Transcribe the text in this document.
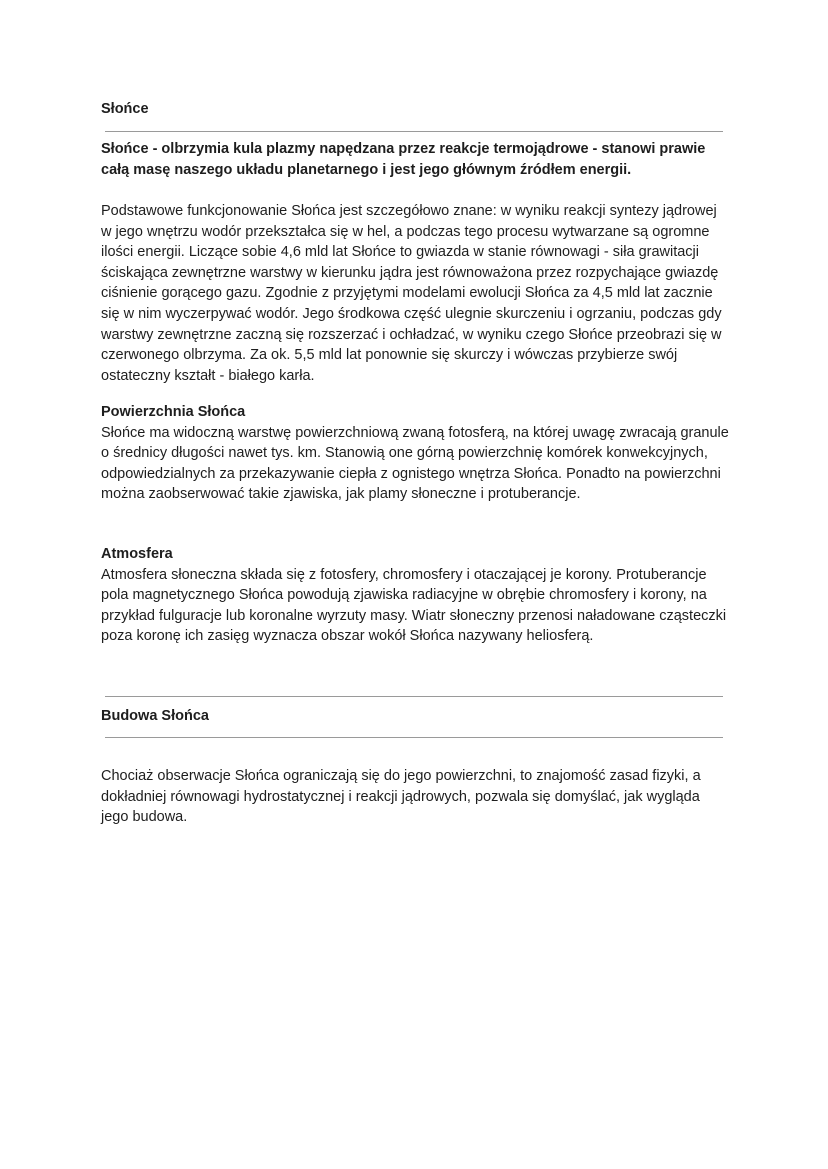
Słońce

Słońce - olbrzymia kula plazmy napędzana przez reakcje termojądrowe - stanowi prawie całą masę naszego układu planetarnego i jest jego głównym źródłem energii.

Podstawowe funkcjonowanie Słońca jest szczegółowo znane: w wyniku reakcji syntezy jądrowej w jego wnętrzu wodór przekształca się w hel, a podczas tego procesu wytwarzane są ogromne ilości energii. Liczące sobie 4,6 mld lat Słońce to gwiazda w stanie równowagi - siła grawitacji ściskająca zewnętrzne warstwy w kierunku jądra jest równoważona przez rozpychające gwiazdę ciśnienie gorącego gazu. Zgodnie z przyjętymi modelami ewolucji Słońca za 4,5 mld lat zacznie się w nim wyczerpywać wodór. Jego środkowa część ulegnie skurczeniu i ogrzaniu, podczas gdy warstwy zewnętrzne zaczną się rozszerzać i ochładzać, w wyniku czego Słońce przeobrazi się w czerwonego olbrzyma. Za ok. 5,5 mld lat ponownie się skurczy i wówczas przybierze swój ostateczny kształt - białego karła.

Powierzchnia Słońca

Słońce ma widoczną warstwę powierzchniową zwaną fotosferą, na której uwagę zwracają granule o średnicy długości nawet tys. km. Stanowią one górną powierzchnię komórek konwekcyjnych, odpowiedzialnych za przekazywanie ciepła z ognistego wnętrza Słońca. Ponadto na powierzchni można zaobserwować takie zjawiska, jak plamy słoneczne i protuberancje.

Atmosfera

Atmosfera słoneczna składa się z fotosfery, chromosfery i otaczającej je korony. Protuberancje pola magnetycznego Słońca powodują zjawiska radiacyjne w obrębie chromosfery i korony, na przykład fulguracje lub koronalne wyrzuty masy. Wiatr słoneczny przenosi naładowane cząsteczki poza koronę ich zasięg wyznacza obszar wokół Słońca nazywany heliosferą.

Budowa Słońca

Chociaż obserwacje Słońca ograniczają się do jego powierzchni, to znajomość zasad fizyki, a dokładniej równowagi hydrostatycznej i reakcji jądrowych, pozwala się domyślać, jak wygląda jego budowa.
